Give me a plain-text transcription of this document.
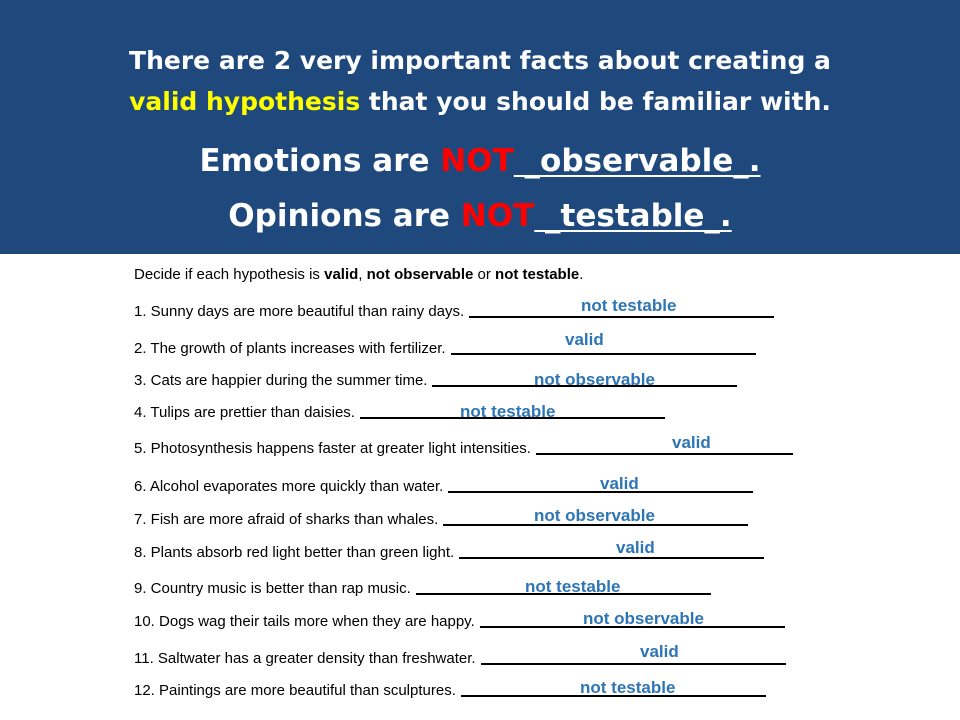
There are 2 very important facts about creating a
valid hypothesis that you should be familiar with.
Emotions are NOT _observable_.
Opinions are NOT _testable_.
Decide if each hypothesis is valid, not observable or not testable.
1. Sunny days are more beautiful than rainy days.	not testable
2. The growth of plants increases with fertilizer.	valid
3. Cats are happier during the summer time.	not observable
4. Tulips are prettier than daisies.	not testable
5. Photosynthesis happens faster at greater light intensities.	valid
6. Alcohol evaporates more quickly than water.	valid
7. Fish are more afraid of sharks than whales.	not observable
8. Plants absorb red light better than green light.	valid
9. Country music is better than rap music.	not testable
10. Dogs wag their tails more when they are happy.	not observable
11. Saltwater has a greater density than freshwater.	valid
12. Paintings are more beautiful than sculptures.	not testable
